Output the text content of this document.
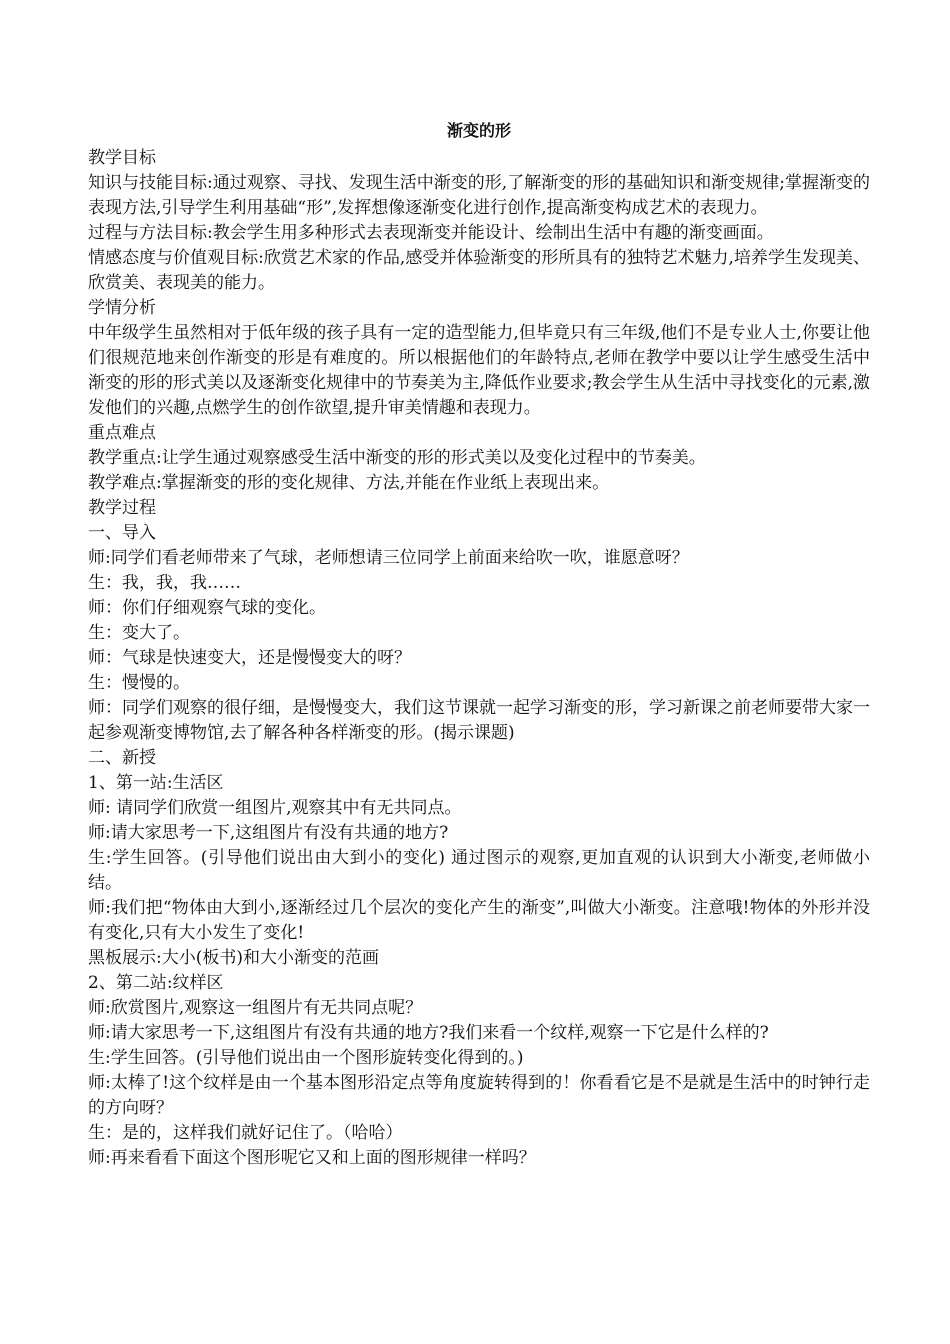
渐变的形

教学目标

知识与技能目标:通过观察、寻找、发现生活中渐变的形,了解渐变的形的基础知识和渐变规律;掌握渐变的表现方法,引导学生利用基础“形”,发挥想像逐渐变化进行创作,提高渐变构成艺术的表现力。

过程与方法目标:教会学生用多种形式去表现渐变并能设计、绘制出生活中有趣的渐变画面。

情感态度与价值观目标:欣赏艺术家的作品,感受并体验渐变的形所具有的独特艺术魅力,培养学生发现美、欣赏美、表现美的能力。

学情分析

中年级学生虽然相对于低年级的孩子具有一定的造型能力,但毕竟只有三年级,他们不是专业人士,你要让他们很规范地来创作渐变的形是有难度的。所以根据他们的年龄特点,老师在教学中要以让学生感受生活中渐变的形的形式美以及逐渐变化规律中的节奏美为主,降低作业要求;教会学生从生活中寻找变化的元素,激发他们的兴趣,点燃学生的创作欲望,提升审美情趣和表现力。

重点难点

教学重点:让学生通过观察感受生活中渐变的形的形式美以及变化过程中的节奏美。

教学难点:掌握渐变的形的变化规律、方法,并能在作业纸上表现出来。

教学过程

一、导入

师:同学们看老师带来了气球，老师想请三位同学上前面来给吹一吹，谁愿意呀？

生：我，我，我……

师：你们仔细观察气球的变化。

生：变大了。

师：气球是快速变大，还是慢慢变大的呀？

生：慢慢的。

师：同学们观察的很仔细，是慢慢变大，我们这节课就一起学习渐变的形，学习新课之前老师要带大家一起参观渐变博物馆,去了解各种各样渐变的形。(揭示课题)

二、新授

1、第一站:生活区

师: 请同学们欣赏一组图片,观察其中有无共同点。

师:请大家思考一下,这组图片有没有共通的地方?

生:学生回答。(引导他们说出由大到小的变化) 通过图示的观察,更加直观的认识到大小渐变,老师做小结。

师:我们把“物体由大到小,逐渐经过几个层次的变化产生的渐变”,叫做大小渐变。注意哦!物体的外形并没有变化,只有大小发生了变化!

黑板展示:大小(板书)和大小渐变的范画

2、第二站:纹样区

师:欣赏图片,观察这一组图片有无共同点呢？

师:请大家思考一下,这组图片有没有共通的地方?我们来看一个纹样,观察一下它是什么样的?

生:学生回答。(引导他们说出由一个图形旋转变化得到的。)

师:太棒了!这个纹样是由一个基本图形沿定点等角度旋转得到的！你看看它是不是就是生活中的时钟行走的方向呀？

生：是的，这样我们就好记住了。（哈哈）

师:再来看看下面这个图形呢它又和上面的图形规律一样吗？
